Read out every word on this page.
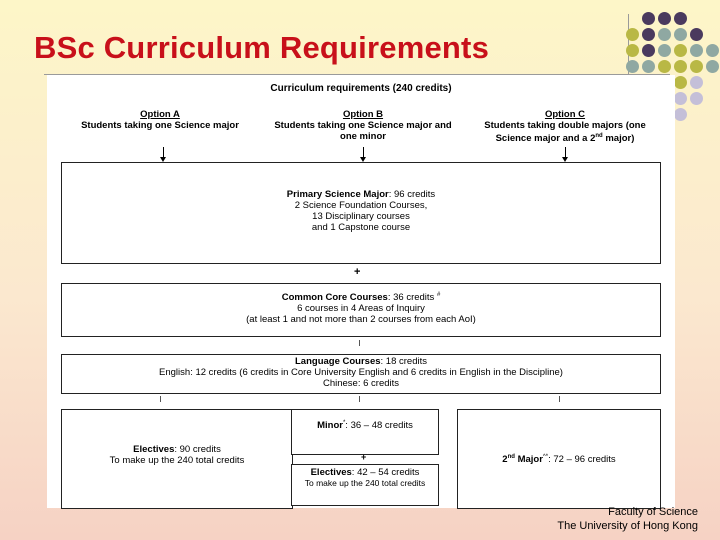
BSc Curriculum Requirements
Curriculum requirements (240 credits)
Option A
Students taking one Science major
Option B
Students taking one Science major and
one minor
Option C
Students taking double majors (one
Science major and a 2nd major)
Primary Science Major: 96 credits
2 Science Foundation Courses,
13 Disciplinary courses
and 1 Capstone course
+
Common Core Courses: 36 credits #
6 courses in 4 Areas of Inquiry
(at least 1 and not more than 2 courses from each AoI)
Language Courses: 18 credits
English: 12 credits (6 credits in Core University English and 6 credits in English in the Discipline)
Chinese: 6 credits
Electives: 90 credits
To make up the 240 total credits
Minor*: 36 – 48 credits
+
Electives: 42 – 54 credits
To make up the 240 total credits
2nd Major^*: 72 – 96 credits
Faculty of Science
The University of Hong Kong
